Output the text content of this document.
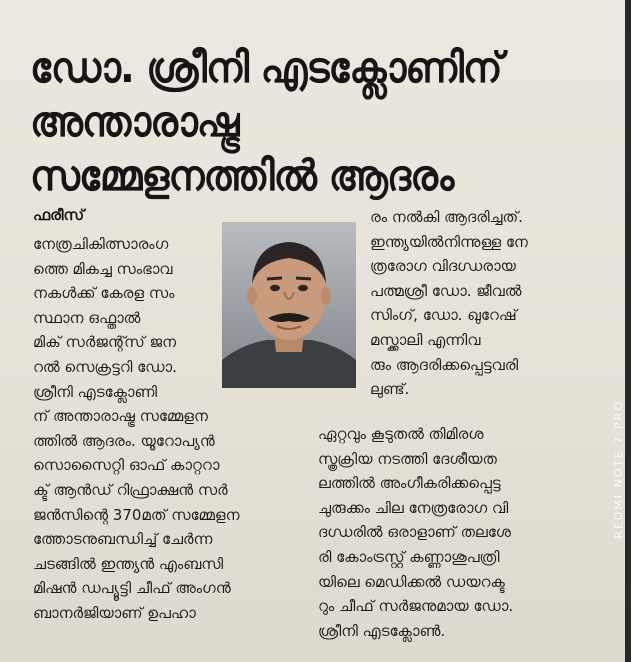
ഡോ. ശ്രീനി എടക്ലോണിന്
അന്താരാഷ്ട്ര
സമ്മേളനത്തിൽ ആദരം
ഫരീസ്
നേത്രചികിത്സാരംഗ
ത്തെ മികച്ച സംഭാവ
നകൾക്ക് കേരള സം
സ്ഥാന ഒഫ്താൽ
മിക് സർജന്റ്സ് ജന
റൽ സെക്രട്ടറി ഡോ.
ശ്രീനി എടക്ലോണി
ന് അന്താരാഷ്ട്ര സമ്മേളന
ത്തിൽ ആദരം. യൂറോപ്യൻ
സൊസൈറ്റി ഓഫ് കാറ്ററാ
ക്ട് ആൻഡ് റിഫ്രാക്ഷൻ സർ
ജൻസിന്റെ 370മത് സമ്മേളന
ത്തോടനുബന്ധിച്ച് ചേർന്ന
ചടങ്ങിൽ ഇന്ത്യൻ എംബസി
മിഷൻ ഡപ്യൂട്ടി ചീഫ് അംഗൻ
ബാനർജിയാണ് ഉപഹാ
രം നൽകി ആദരിച്ചത്.
ഇന്ത്യയിൽനിന്നുള്ള നേ
ത്രരോഗ വിദഗ്ധരായ
പത്മശ്രീ ഡോ. ജീവൽ
സിംഗ്, ഡോ. ഖുറേഷ്
മസ്ക്കാലി എന്നിവ
രും ആദരിക്കപ്പെട്ടവരി
ലുണ്ട്.
ഏറ്റവും കൂടുതൽ തിമിരശ
സ്ത്രക്രിയ നടത്തി ദേശീയത
ലത്തിൽ അംഗീകരിക്കപ്പെട്ട
ചുരുക്കം ചില നേത്രരോഗ വി
ദഗ്ധരിൽ ഒരാളാണ് തലശേ
രി കോംട്രസ്റ്റ് കണ്ണാശുപത്രി
യിലെ മെഡിക്കൽ ഡയറക്ട
റും ചീഫ് സർജനുമായ ഡോ.
ശ്രീനി എടക്ലോൺ.
REDMI NOTE 7 PRO
